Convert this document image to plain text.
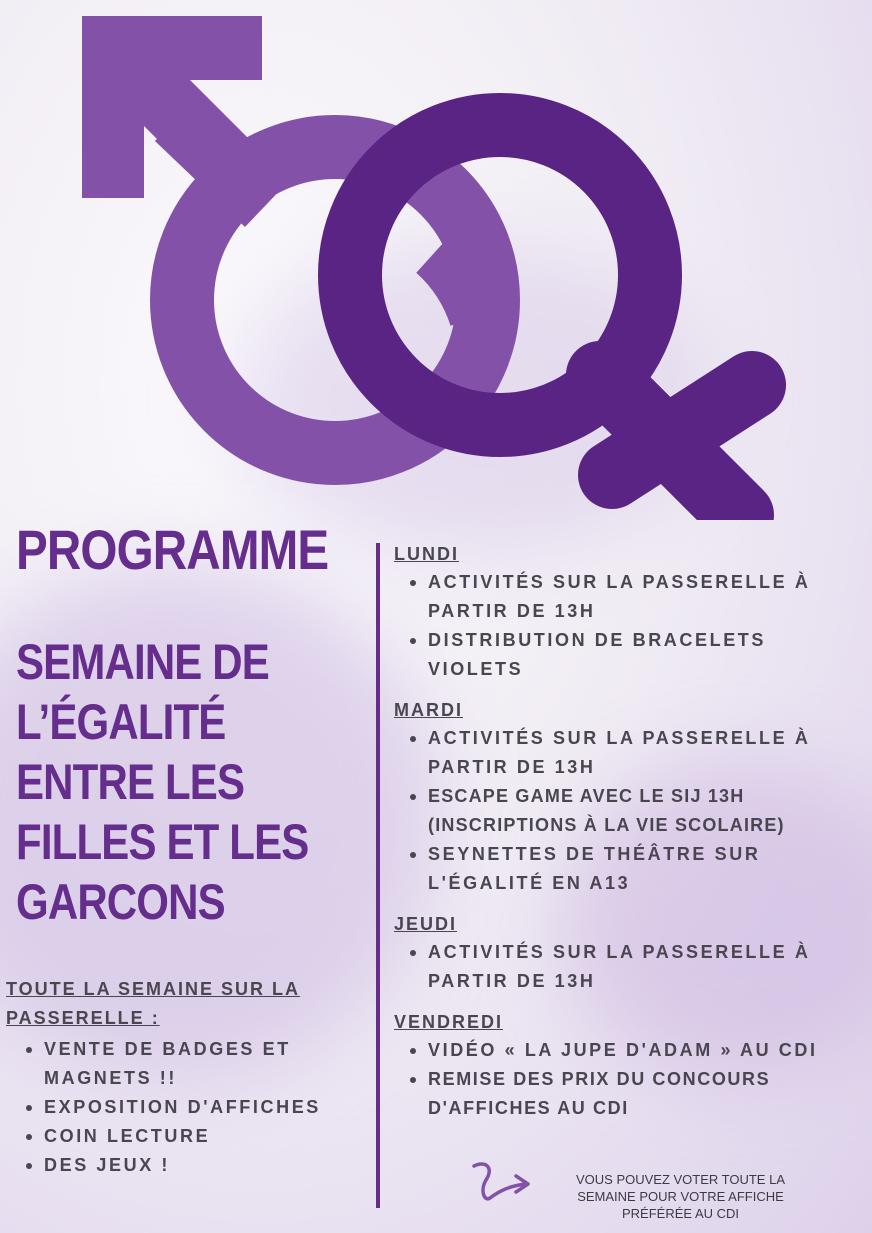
PROGRAMME
SEMAINE DE L’ÉGALITÉ ENTRE LES FILLES ET LES GARCONS
TOUTE LA SEMAINE SUR LA PASSERELLE :
VENTE DE BADGES ET MAGNETS !!
EXPOSITION D'AFFICHES
COIN LECTURE
DES JEUX !
LUNDI
ACTIVITÉS SUR LA PASSERELLE À PARTIR DE 13H
DISTRIBUTION DE BRACELETS VIOLETS
MARDI
ACTIVITÉS SUR LA PASSERELLE À PARTIR DE 13H
ESCAPE GAME AVEC LE SIJ 13H (INSCRIPTIONS À LA VIE SCOLAIRE)
SEYNETTES DE THÉÂTRE SUR L'ÉGALITÉ EN A13
JEUDI
ACTIVITÉS SUR LA PASSERELLE À PARTIR DE 13H
VENDREDI
VIDÉO « LA JUPE D'ADAM » AU CDI
REMISE DES PRIX DU CONCOURS D'AFFICHES AU CDI
VOUS POUVEZ VOTER TOUTE LA SEMAINE POUR VOTRE AFFICHE PRÉFÉRÉE AU CDI
